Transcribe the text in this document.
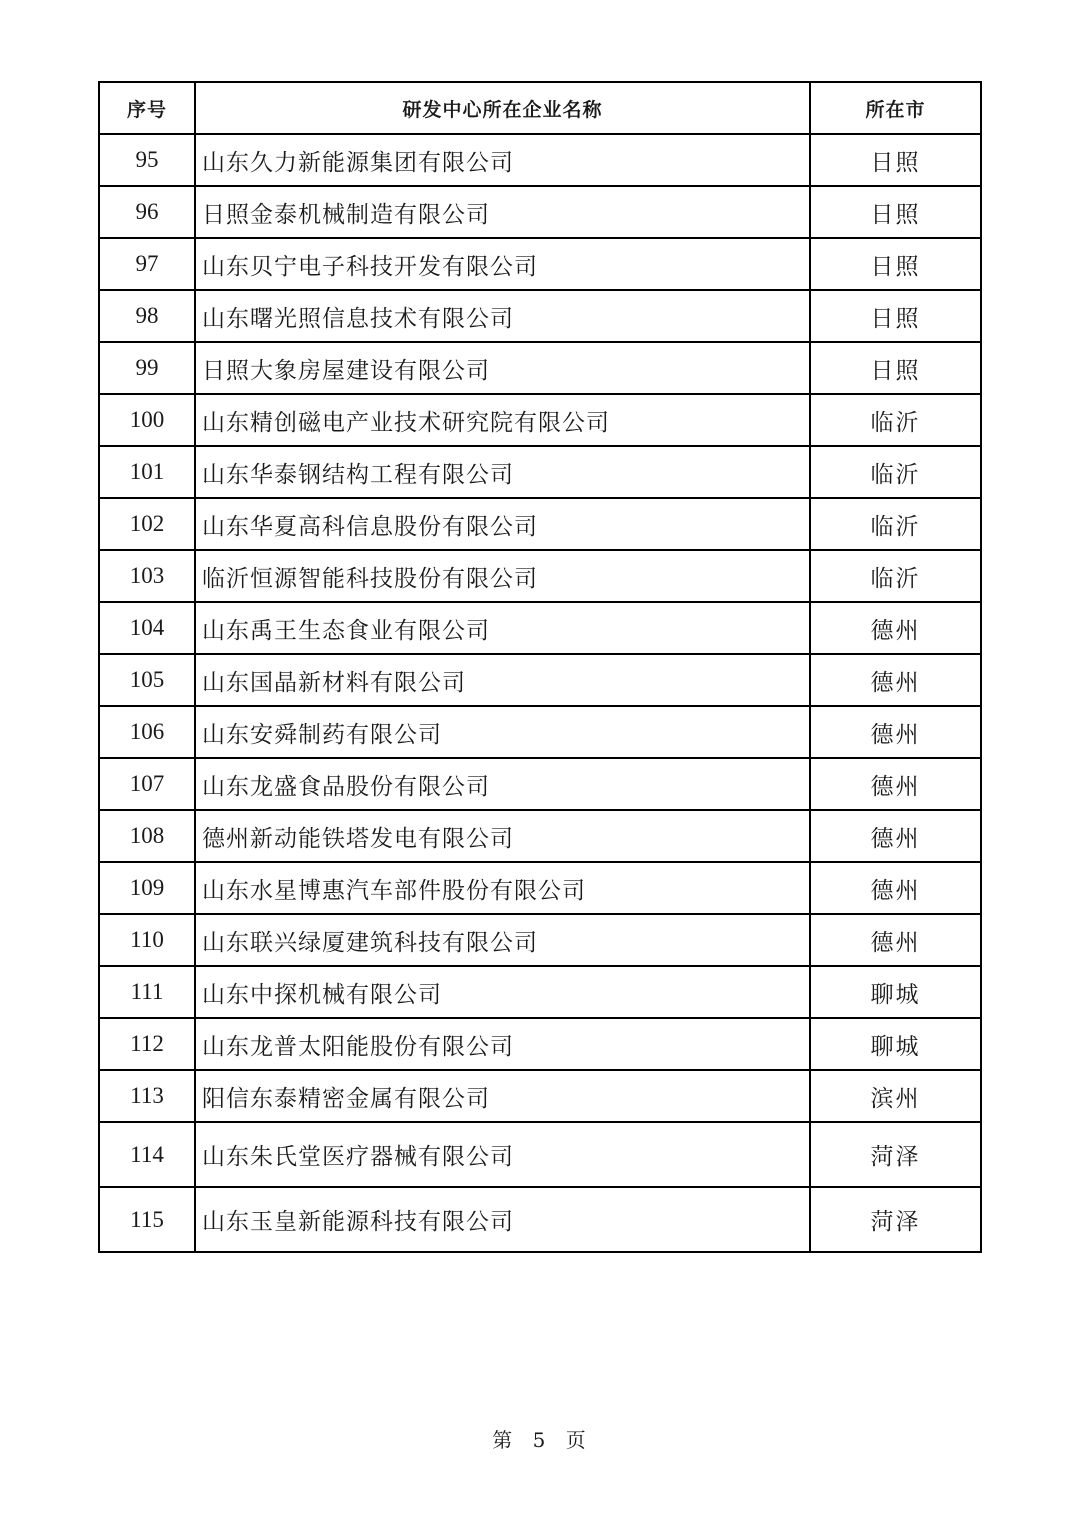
序号	研发中心所在企业名称	所在市
95	山东久力新能源集团有限公司	日照
96	日照金泰机械制造有限公司	日照
97	山东贝宁电子科技开发有限公司	日照
98	山东曙光照信息技术有限公司	日照
99	日照大象房屋建设有限公司	日照
100	山东精创磁电产业技术研究院有限公司	临沂
101	山东华泰钢结构工程有限公司	临沂
102	山东华夏高科信息股份有限公司	临沂
103	临沂恒源智能科技股份有限公司	临沂
104	山东禹王生态食业有限公司	德州
105	山东国晶新材料有限公司	德州
106	山东安舜制药有限公司	德州
107	山东龙盛食品股份有限公司	德州
108	德州新动能铁塔发电有限公司	德州
109	山东水星博惠汽车部件股份有限公司	德州
110	山东联兴绿厦建筑科技有限公司	德州
111	山东中探机械有限公司	聊城
112	山东龙普太阳能股份有限公司	聊城
113	阳信东泰精密金属有限公司	滨州
114	山东朱氏堂医疗器械有限公司	菏泽
115	山东玉皇新能源科技有限公司	菏泽
第 5 页
